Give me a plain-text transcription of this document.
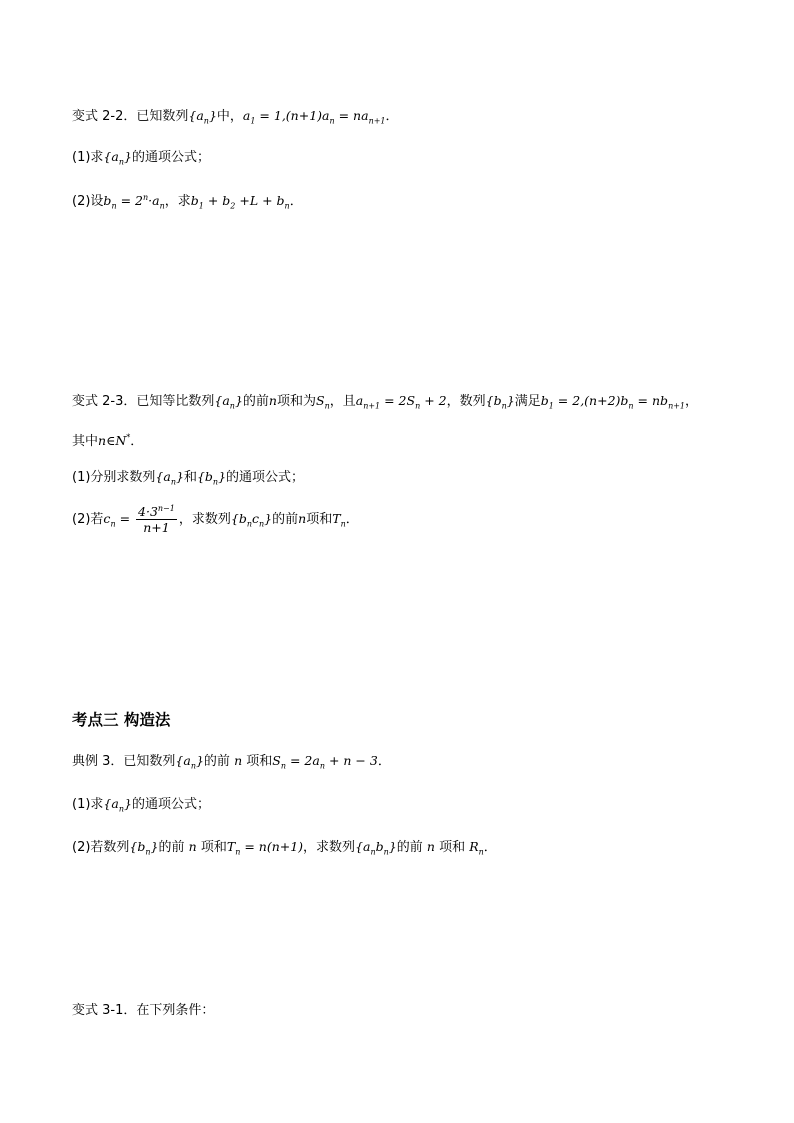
变式 2-2．已知数列$\{a_n\}$中，$a_1 = 1,(n+1)a_n = na_{n+1}$．
(1)求$\{a_n\}$的通项公式；
(2)设$b_n = 2^n\cdot a_n$，求$b_1 + b_2 +L + b_n$．
变式 2-3．已知等比数列$\{a_n\}$的前n项和为$S_n$，且$a_{n+1} = 2S_n + 2$，数列$\{b_n\}$满足$b_1 = 2,(n+2)b_n = nb_{n+1}$，
其中n∈N*．
(1)分别求数列$\{a_n\}$和$\{b_n\}$的通项公式；
(2)若$c_n = \frac{4\cdot 3^{n-1}}{n+1}$ ，求数列$\{b_nc_n\}$的前n项和$T_n$．
考点三 构造法
典例 3．已知数列$\{a_n\}$的前 n 项和$S_n = 2a_n + n - 3$．
(1)求$\{a_n\}$的通项公式；
(2)若数列$\{b_n\}$的前 n 项和$T_n = n(n+1)$，求数列$\{a_nb_n\}$的前 n 项和 $R_n$．
变式 3-1．在下列条件：
